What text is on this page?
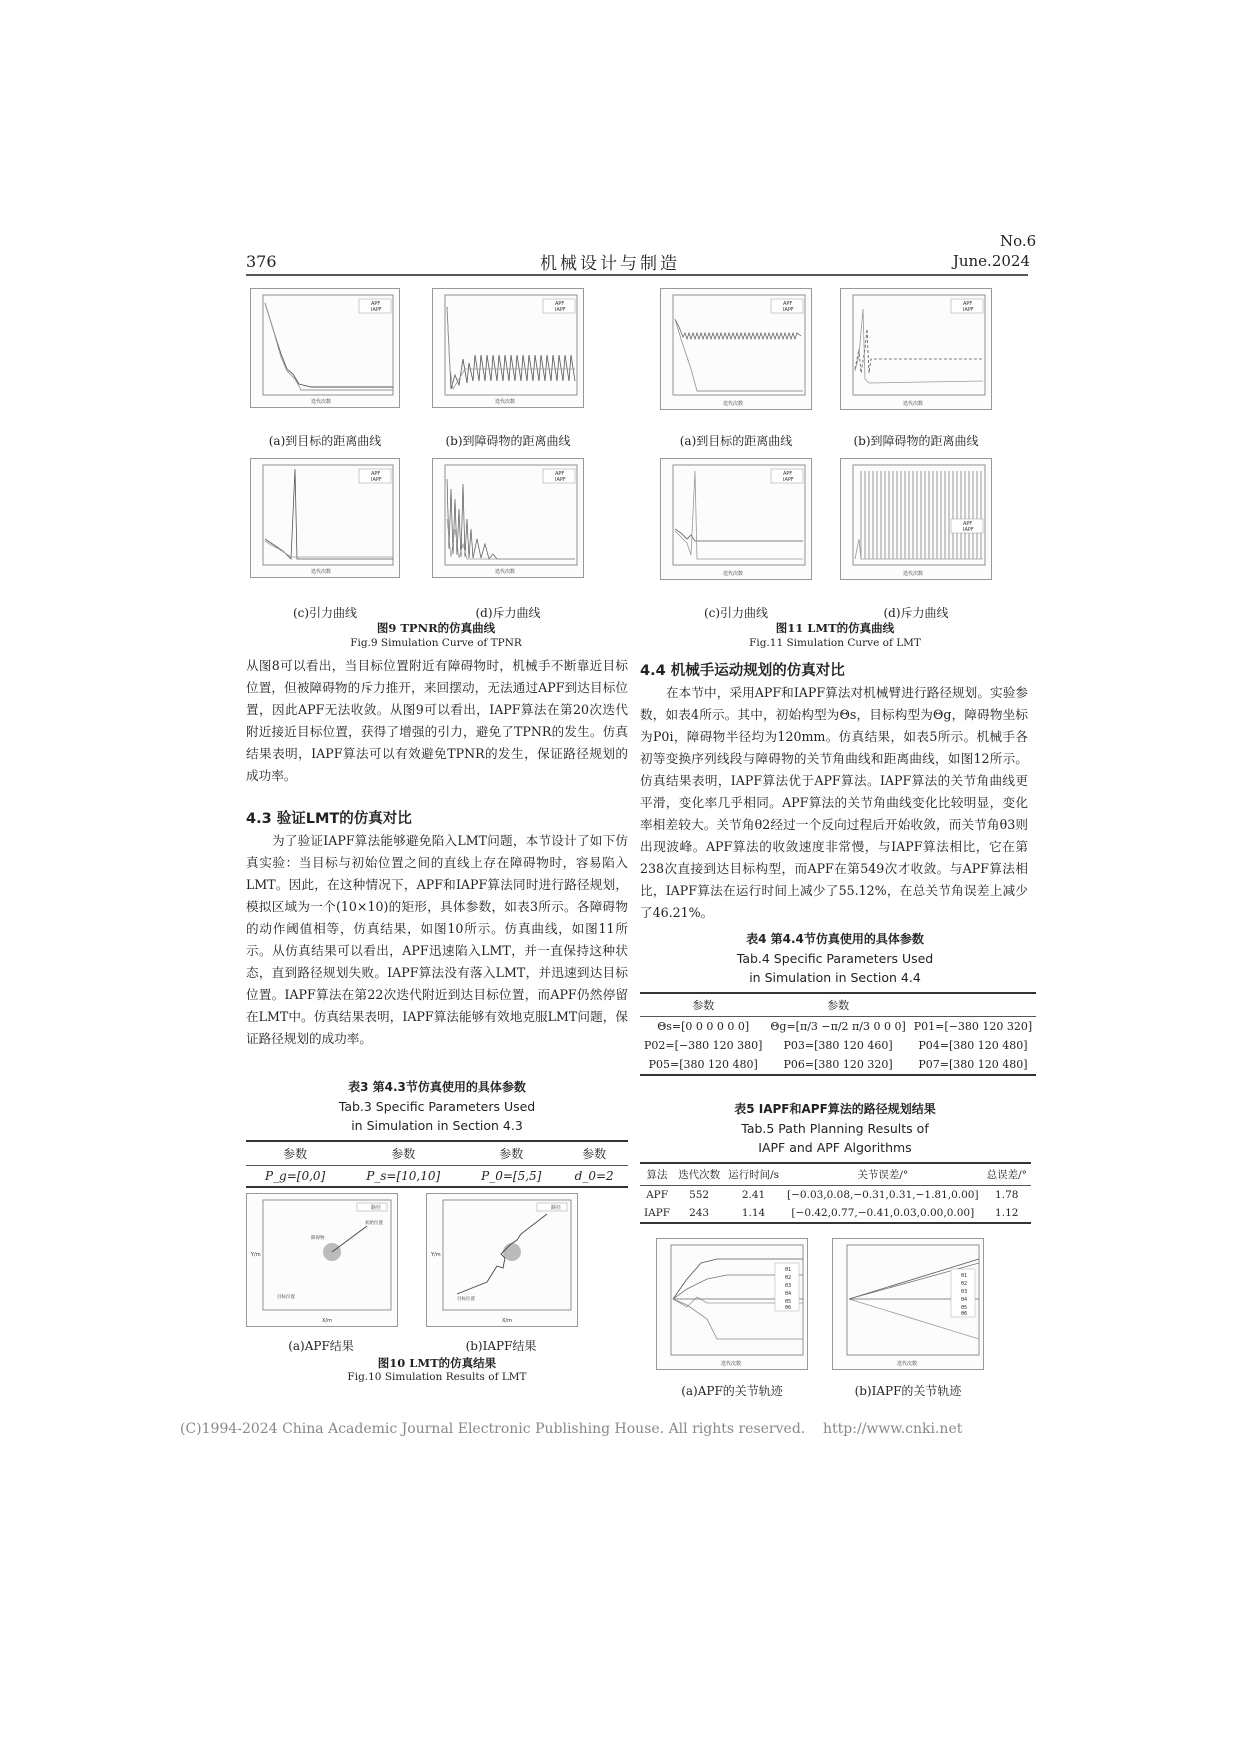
376	机械设计与制造
No.6
June.2024
APF
IAPF
迭代次数
(a)到目标的距离曲线
APF
IAPF
迭代次数
(b)到障碍物的距离曲线
APF
IAPF
迭代次数
(c)引力曲线
APF
IAPF
迭代次数
(d)斥力曲线
图9 TPNR的仿真曲线
Fig.9 Simulation Curve of TPNR
从图8可以看出，当目标位置附近有障碍物时，机械手不断靠近目标位置，但被障碍物的斥力推开，来回摆动，无法通过APF到达目标位置，因此APF无法收敛。从图9可以看出，IAPF算法在第20次迭代附近接近目标位置，获得了增强的引力，避免了TPNR的发生。仿真结果表明，IAPF算法可以有效避免TPNR的发生，保证路径规划的成功率。
4.3 验证LMT的仿真对比
为了验证IAPF算法能够避免陷入LMT问题，本节设计了如下仿真实验：当目标与初始位置之间的直线上存在障碍物时，容易陷入LMT。因此，在这种情况下，APF和IAPF算法同时进行路径规划，模拟区域为一个(10×10)的矩形，具体参数，如表3所示。各障碍物的动作阈值相等，仿真结果，如图10所示。仿真曲线，如图11所示。从仿真结果可以看出，APF迅速陷入LMT，并一直保持这种状态，直到路径规划失败。IAPF算法没有落入LMT，并迅速到达目标位置。IAPF算法在第22次迭代附近到达目标位置，而APF仍然停留在LMT中。仿真结果表明，IAPF算法能够有效地克服LMT问题，保证路径规划的成功率。
表3 第4.3节仿真使用的具体参数
Tab.3 Specific Parameters Used
in Simulation in Section 4.3
参数	参数	参数	参数
P_g=[0,0]	P_s=[10,10]	P_0=[5,5]	d_0=2
障碍物
初始位置
目标位置
路径
X/m
Y/m
路径
目标位置
X/m
Y/m
(a)APF结果	(b)IAPF结果
图10 LMT的仿真结果
Fig.10 Simulation Results of LMT
APF
IAPF
迭代次数
(a)到目标的距离曲线
APF
IAPF
迭代次数
(b)到障碍物的距离曲线
APF
IAPF
迭代次数
(c)引力曲线
APF
IAPF
迭代次数
(d)斥力曲线
图11 LMT的仿真曲线
Fig.11 Simulation Curve of LMT
4.4 机械手运动规划的仿真对比
在本节中，采用APF和IAPF算法对机械臂进行路径规划。实验参数，如表4所示。其中，初始构型为Θs，目标构型为Θg，障碍物坐标为P0i，障碍物半径均为120mm。仿真结果，如表5所示。机械手各初等变换序列线段与障碍物的关节角曲线和距离曲线，如图12所示。仿真结果表明，IAPF算法优于APF算法。IAPF算法的关节角曲线更平滑，变化率几乎相同。APF算法的关节角曲线变化比较明显，变化率相差较大。关节角θ2经过一个反向过程后开始收敛，而关节角θ3则出现波峰。APF算法的收敛速度非常慢，与IAPF算法相比，它在第238次直接到达目标构型，而APF在第549次才收敛。与APF算法相比，IAPF算法在运行时间上减少了55.12%，在总关节角误差上减少了46.21%。
表4 第4.4节仿真使用的具体参数
Tab.4 Specific Parameters Used
in Simulation in Section 4.4
参数	参数	
Θs=[0 0 0 0 0 0]	Θg=[π/3 −π/2 π/3 0 0 0]	P01=[−380 120 320]
P02=[−380 120 380]	P03=[380 120 460]	P04=[380 120 480]
P05=[380 120 480]	P06=[380 120 320]	P07=[380 120 480]
表5 IAPF和APF算法的路径规划结果
Tab.5 Path Planning Results of
IAPF and APF Algorithms
算法	迭代次数	运行时间/s	关节误差/°	总误差/°
APF	552	2.41	[−0.03,0.08,−0.31,0.31,−1.81,0.00]	1.78
IAPF	243	1.14	[−0.42,0.77,−0.41,0.03,0.00,0.00]	1.12
θ1
θ2
θ3
θ4
θ5
θ6
迭代次数
θ1
θ2
θ3
θ4
θ5
θ6
迭代次数
(a)APF的关节轨迹	(b)IAPF的关节轨迹
(C)1994-2024 China Academic Journal Electronic Publishing House. All rights reserved.    http://www.cnki.net
